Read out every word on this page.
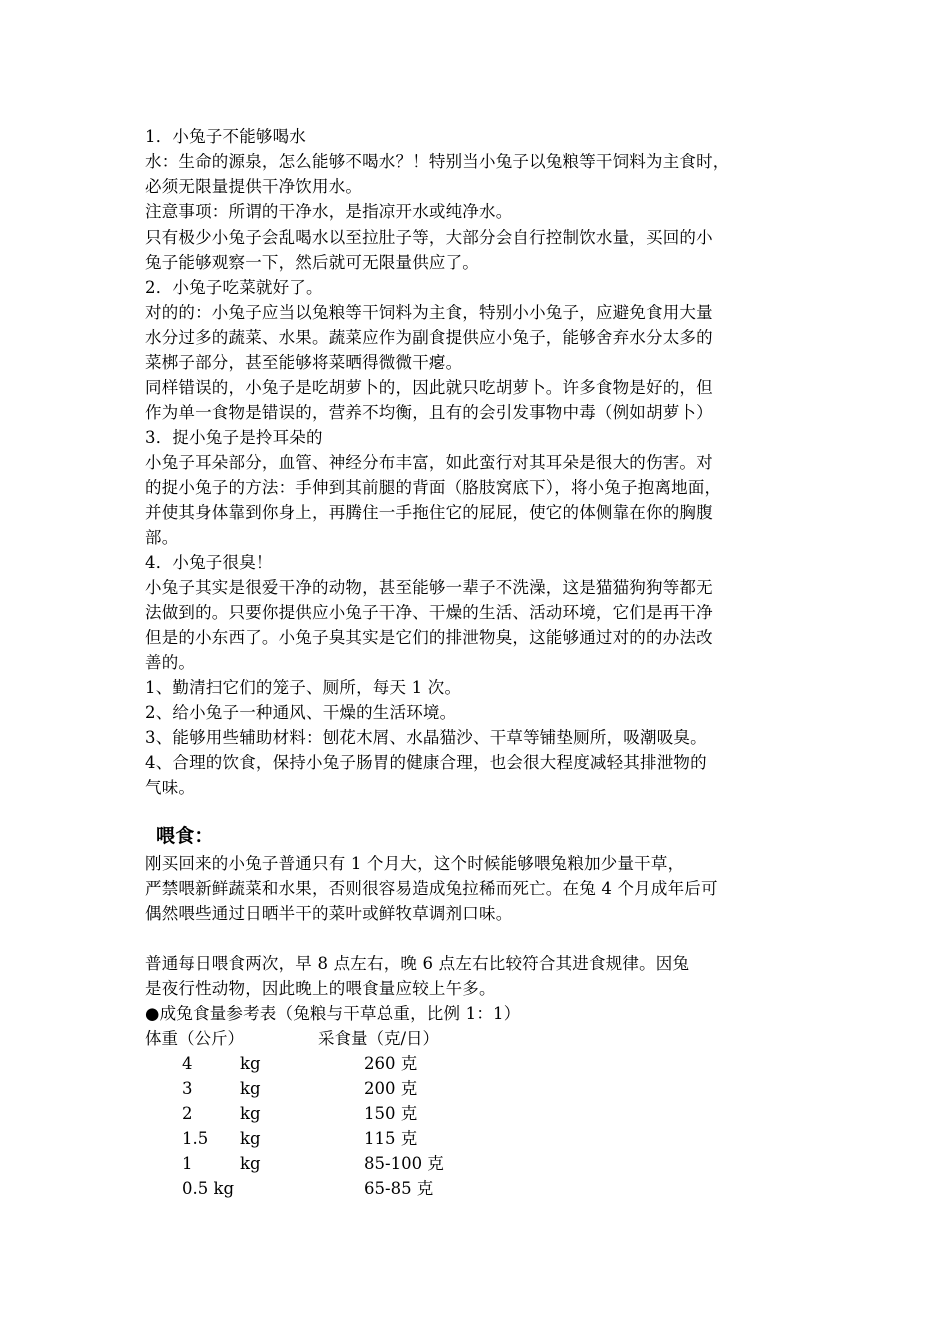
1．小兔子不能够喝水
水：生命的源泉，怎么能够不喝水？！特别当小兔子以兔粮等干饲料为主食时，
必须无限量提供干净饮用水。
注意事项：所谓的干净水，是指凉开水或纯净水。
只有极少小兔子会乱喝水以至拉肚子等，大部分会自行控制饮水量，买回的小
兔子能够观察一下，然后就可无限量供应了。
2．小兔子吃菜就好了。
对的的：小兔子应当以兔粮等干饲料为主食，特别小小兔子，应避免食用大量
水分过多的蔬菜、水果。蔬菜应作为副食提供应小兔子，能够舍弃水分太多的
菜梆子部分，甚至能够将菜晒得微微干瘪。
同样错误的，小兔子是吃胡萝卜的，因此就只吃胡萝卜。许多食物是好的，但
作为单一食物是错误的，营养不均衡，且有的会引发事物中毒（例如胡萝卜）
3．捉小兔子是拎耳朵的
小兔子耳朵部分，血管、神经分布丰富，如此蛮行对其耳朵是很大的伤害。对
的捉小兔子的方法：手伸到其前腿的背面（胳肢窝底下），将小兔子抱离地面，
并使其身体靠到你身上，再腾住一手拖住它的屁屁，使它的体侧靠在你的胸腹
部。
4．小兔子很臭！
小兔子其实是很爱干净的动物，甚至能够一辈子不洗澡，这是猫猫狗狗等都无
法做到的。只要你提供应小兔子干净、干燥的生活、活动环境，它们是再干净
但是的小东西了。小兔子臭其实是它们的排泄物臭，这能够通过对的的办法改
善的。
1、勤清扫它们的笼子、厕所，每天 1 次。
2、给小兔子一种通风、干燥的生活环境。
3、能够用些辅助材料：刨花木屑、水晶猫沙、干草等铺垫厕所，吸潮吸臭。
4、合理的饮食，保持小兔子肠胃的健康合理，也会很大程度减轻其排泄物的
气味。
喂食：
刚买回来的小兔子普通只有 1 个月大，这个时候能够喂兔粮加少量干草，
严禁喂新鲜蔬菜和水果，否则很容易造成兔拉稀而死亡。在兔 4 个月成年后可
偶然喂些通过日晒半干的菜叶或鲜牧草调剂口味。
普通每日喂食两次，早 8 点左右，晚 6 点左右比较符合其进食规律。因兔
是夜行性动物，因此晚上的喂食量应较上午多。
●成兔食量参考表（兔粮与干草总重，比例 1：1）
体重（公斤）	采食量（克/日）
4	kg	260 克
3	kg	200 克
2	kg	150 克
1.5 kg	115 克
1	kg	85-100 克
0.5 kg	65-85 克
